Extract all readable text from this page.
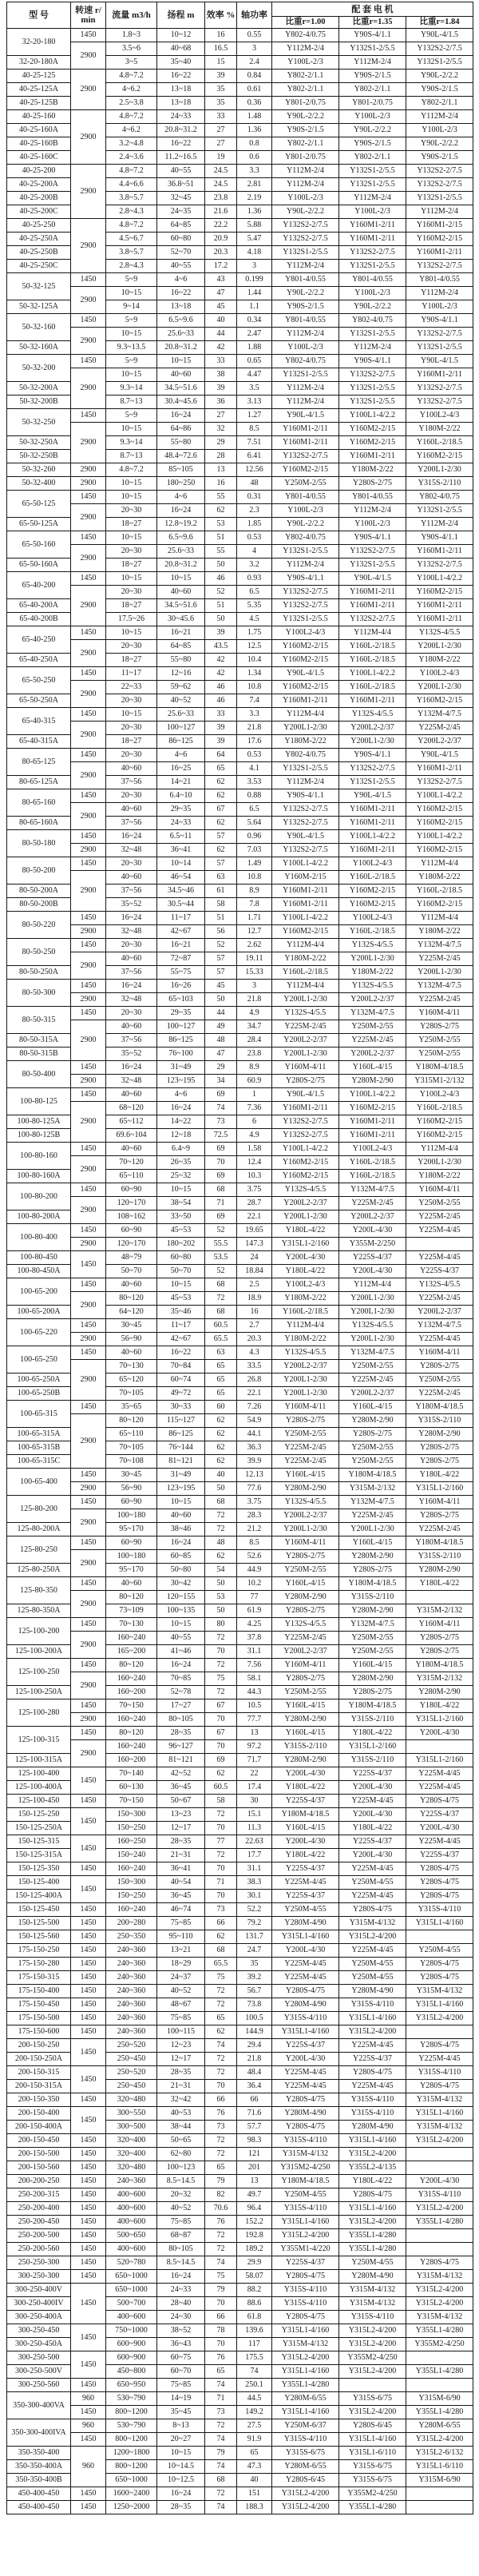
型 号	转速 r/min	流量 m3/h	扬程 m	效率 %	轴功率	配 套 电 机		
						比重r=1.00	比重r=1.35	比重r=1.84
32-20-180	1450	1.8~3	10~12	16	0.55	Y802-4/0.75	Y90S-4/1.1	Y90L-4/1.5
	2900	3.5~6	40~68	16.5	3	Y112M-2/4	Y132S1-2/5.5	Y132S2-2/7.5
32-20-180A		3~5	35~40	15	2.4	Y100L-2/3	Y112M-2/4	Y132S1-2/5.5
40-25-125	2900	4.8~7.2	16~22	39	0.84	Y802-2/1.1	Y90S-2/1.5	Y90L-2/2.2
40-25-125A		4~6.2	13~18	35	0.61	Y802-2/1.1	Y802-2/1.1	Y90S-2/1.5
40-25-125B		2.5~3.8	13~18	35	0.36	Y801-2/0.75	Y801-2/0.75	Y802-2/1.1
40-25-160	2900	4.8~7.2	24~33	33	1.48	Y90L-2/2.2	Y100L-2/3	Y112M-2/4
40-25-160A		4~6.2	20.8~31.2	27	1.36	Y90S-2/1.5	Y90L-2/2.2	Y100L-2/3
40-25-160B		3.2~4.8	16~22	27	0.8	Y802-2/1.1	Y90S-2/1.5	Y90L-2/2.2
40-25-160C		2.4~3.6	11.2~16.5	19	0.6	Y801-2/0.75	Y802-2/1.1	Y90S-2/1.5
40-25-200	2900	4.8~7.2	40~55	24.5	3.3	Y112M-2/4	Y132S1-2/5.5	Y132S2-2/7.5
40-25-200A		4.4~6.6	36.8~51	24.5	2.81	Y112M-2/4	Y132S1-2/5.5	Y132S2-2/7.5
40-25-200B		3.8~5.7	32~45	23.8	2.19	Y100L-2/3	Y112M-2/4	Y132S1-2/5.5
40-25-200C		2.8~4.3	24~35	21.6	1.36	Y90L-2/2.2	Y100L-2/3	Y112M-2/4
40-25-250	2900	4.8~7.2	64~85	22.2	5.88	Y132S2-2/7.5	Y160M1-2/11	Y160M1-2/15
40-25-250A		4.5~6.7	60~80	20.9	5.47	Y132S2-2/7.5	Y160M1-2/11	Y160M2-2/15
40-25-250B		3.8~5.7	52~70	20.3	4.18	Y132S1-2/5.5	Y132S2-2/7.5	Y160M1-2/11
40-25-250C		2.8~4.3	40~55	17.2	3	Y112M-2/4	Y132S1-2/5.5	Y132S2-2/7.5
50-32-125	1450	5~9	4~6	43	0.199	Y801-4/0.55	Y801-4/0.55	Y801-4/0.55
	2900	10~15	16~22	47	1.44	Y90L-2/2.2	Y100L-2/3	Y112M-2/4
50-32-125A		9~14	13~18	45	1.1	Y90S-2/1.5	Y90L-2/2.2	Y100L-2/3
50-32-160	1450	5~9	6.5~9.6	40	0.34	Y801-4/0.55	Y802-4/0.75	Y90S-4/1.1
	2900	10~15	25.6~33	44	2.47	Y112M-2/4	Y132S1-2/5.5	Y132S2-2/7.5
50-32-160A		9.3~13.5	20.8~31.2	42	1.88	Y100L-2/3	Y112M-2/4	Y132S1-2/5.5
50-32-200	1450	5~9	10~15	33	0.65	Y802-4/0.75	Y90S-4/1.1	Y90L-4/1.5
	2900	10~15	40~60	38	4.47	Y132S1-2/5.5	Y132S2-2/7.5	Y160M1-2/11
50-32-200A		9.3~14	34.5~51.6	39	3.5	Y112M-2/4	Y132S1-2/5.5	Y132S2-2/7.5
50-32-200B		8.7~13	30.4~45.6	36	3.13	Y112M-2/4	Y132S1-2/5.5	Y132S2-2/7.5
50-32-250	1450	5~9	16~24	27	1.27	Y90L-4/1.5	Y100L1-4/2.2	Y100L2-4/3
	2900	10~15	64~86	32	8.5	Y160M1-2/11	Y160M2-2/15	Y180M-2/22
50-32-250A		9.3~14	55~80	29	7.51	Y160M1-2/11	Y160M2-2/15	Y160L-2/18.5
50-32-250B		8.7~13	48.4~72.6	28	6.41	Y132S2-2/7.5	Y160M1-2/11	Y160M2-2/15
50-32-260	2900	4.8~7.2	85~105	13	12.56	Y160M2-2/15	Y180M-2/22	Y200L1-2/30
50-32-400	2900	10~15	180~250	16	48	Y250M-2/55	Y280S-2/75	Y315S-2/110
65-50-125	1450	10~15	4~6	55	0.31	Y801-4/0.55	Y801-4/0.55	Y802-4/0.75
	2900	20~30	16~24	62	2.3	Y100L-2/3	Y112M-2/4	Y132S1-2/5.5
65-50-125A		18~27	12.8~19.2	53	1.85	Y90L-2/2.2	Y100L-2/3	Y112M-2/4
65-50-160	1450	10~15	6.5~9.6	51	0.53	Y802-4/0.75	Y90S-4/1.1	Y90S-4/1.1
	2900	20~30	25.6~33	55	4	Y132S1-2/5.5	Y132S2-2/7.5	Y160M1-2/11
65-50-160A		18~27	20.8~31.2	50	3.2	Y112M-2/4	Y132S1-2/5.5	Y132S2-2/7.5
65-40-200	1450	10~15	10~15	46	0.93	Y90S-4/1.1	Y90L-4/1.5	Y100L1-4/2.2
	2900	20~30	40~60	52	6.5	Y132S2-2/7.5	Y160M1-2/11	Y160M2-2/15
65-40-200A		18~27	34.5~51.6	51	5.35	Y132S2-2/7.5	Y160M1-2/11	Y160M1-2/11
65-40-200B		17.5~26	30~45.6	50	4.5	Y132S1-2/5.5	Y132S2-2/7.5	Y160M1-2/11
65-40-250	1450	10~15	16~21	39	1.75	Y100L2-4/3	Y112M-4/4	Y132S-4/5.5
	2900	20~30	64~85	43.5	12.5	Y160M2-2/15	Y160L-2/18.5	Y200L1-2/30
65-40-250A		18~27	55~80	42	10.4	Y160M2-2/15	Y160L-2/18.5	Y180M-2/22
65-50-250	1450	11~17	12~16	42	1.34	Y90L-4/1.5	Y100L1-4/2.2	Y100L2-4/3
	2900	22~33	59~62	46	10.8	Y160M2-2/15	Y160L-2/18.5	Y200L1-2/30
65-50-250A		20~30	40~52	46	7.4	Y160M1-2/11	Y160M1-2/11	Y160M2-2/15
65-40-315	1450	10~15	25.6~33	33	3.3	Y112M-4/4	Y132S-4/5.5	Y132M-4/7.5
	2900	20~30	100~127	39	21.8	Y200L1-2/30	Y200L2-2/37	Y225M-2/45
65-40-315A		18~27	86~125	39	17.6	Y180M-2/22	Y200L1-2/30	Y200L2-2/37
80-65-125	1450	20~30	4~6	64	0.53	Y802-4/0.75	Y90S-4/1.1	Y90L-4/1.5
	2900	40~60	16~25	65	4.1	Y132S1-2/5.5	Y132S2-2/7.5	Y160M1-2/11
80-65-125A		37~56	14~21	62	3.53	Y112M-2/4	Y132S1-2/5.5	Y132S2-2/7.5
80-65-160	1450	20~30	6.4~10	62	0.88	Y90S-4/1.1	Y90L-4/1.5	Y100L1-4/2.2
	2900	40~60	29~35	67	6.5	Y132S2-2/7.5	Y160M1-2/11	Y160M2-2/15
80-65-160A		37~56	24~33	62	5.64	Y132S2-2/7.5	Y160M1-2/11	Y160M2-2/15
80-50-180	1450	16~24	6.5~11	57	0.96	Y90L-4/1.5	Y100L1-4/2.2	Y100L1-4/2.2
	2900	32~48	36~41	62	7.03	Y132S2-2/7.5	Y160M1-2/11	Y160M2-2/15
80-50-200	1450	20~30	10~14	57	1.49	Y100L1-4/2.2	Y100L2-4/3	Y112M-4/4
	2900	40~60	46~54	63	10.8	Y160M-2/15	Y160L-2/18.5	Y180M-2/22
80-50-200A		37~56	34.5~46	61	8.9	Y160M1-2/11	Y160M2-2/15	Y160L-2/18.5
80-50-200B		35~52	30.5~44	58	7.8	Y160M1-2/11	Y160M2-2/15	Y160M2-2/15
80-50-220	1450	16~24	11~17	51	1.71	Y100L1-4/2.2	Y100L2-4/3	Y112M-4/4
	2900	32~48	42~67	56	12.7	Y160M2-2/15	Y160L-2/18.5	Y180M-2/22
80-50-250	1450	20~30	16~21	52	2.62	Y112M-4/4	Y132S-4/5.5	Y132M-4/7.5
	2900	40~60	72~87	57	19.11	Y180M-2/22	Y200L1-2/30	Y225M-2/45
80-50-250A		37~56	55~75	57	15.33	Y160L-2/18.5	Y180M-2/22	Y200L1-2/30
80-50-300	1450	16~24	16~26	45	3	Y112M-4/4	Y132S-4/5.5	Y132M-4/7.5
	2900	32~48	65~103	50	21.8	Y200L1-2/30	Y200L2-2/37	Y225M-2/45
80-50-315	1450	20~30	29~35	44	4.9	Y132S-4/5.5	Y132M-4/7.5	Y160M-4/11
	2900	40~60	100~127	49	34.7	Y225M-2/45	Y250M-2/55	Y280S-2/75
80-50-315A		37~56	86~125	48	28.4	Y200L2-2/37	Y225M-2/45	Y250M-2/55
80-50-315B		35~52	76~100	47	23.8	Y200L1-2/30	Y200L2-2/37	Y250M-2/55
80-50-400	1450	16~24	31~49	29	8.9	Y160M-4/11	Y160L-4/15	Y180M-4/18.5
	2900	32~48	123~195	34	60.9	Y280S-2/75	Y280M-2/90	Y315M1-2/132
100-80-125	1450	40~60	4~6	69	1	Y90L-4/1.5	Y100L1-4/2.2	Y100L2-4/3
	2900	68~120	16~24	74	7.36	Y160M1-2/11	Y160M2-2/15	Y160L-2/18.5
100-80-125A		65~112	14~22	73	6	Y132S2-2/7.5	Y160M1-2/11	Y160M2-2/15
100-80-125B		69.6~104	12~18	72.5	4.9	Y132S2-2/7.5	Y160M1-2/11	Y160M2-2/15
100-80-160	1450	40~60	6.4~9	69	1.58	Y100L1-4/2.2	Y100L2-4/3	Y112M-4/4
	2900	70~120	26~35	70	12.4	Y160M2-2/15	Y160L-2/18.5	Y200L1-2/30
100-80-160A		65~110	25~32	69	10.3	Y160M2-2/15	Y160L-2/18.5	Y180M-2/22
100-80-200	1450	60~90	10~15	68	3.75	Y132S-4/5.5	Y132M-4/7.5	Y160M-4/11
	2900	120~170	38~54	71	28.7	Y200L2-2/37	Y225M-2/45	Y250M-2/55
100-80-200A		108~162	33~50	69	22.1	Y200L1-2/30	Y200L2-2/37	Y225M-2/45
100-80-400	1450	60~90	45~53	52	19.65	Y180L-4/22	Y200L-4/30	Y225M-4/45
	2900	120~170	180~202	55.5	147.3	Y315L1-2/160	Y355M-2/250	
100-80-450	1450	48~79	60~80	53.5	24	Y200L-4/30	Y225S-4/37	Y225M-4/45
100-80-450A		50~70	50~70	52	18.84	Y180L-4/22	Y200L-4/30	Y225S-4/37
100-65-200	1450	40~60	10~15	68	2.5	Y100L2-4/3	Y112M-4/4	Y132S-4/5.5
	2900	80~120	45~53	72	18.9	Y180M-2/22	Y200L1-2/30	Y225M-2/45
100-65-200A		64~120	35~46	68	16	Y160L-2/18.5	Y200L1-2/30	Y200L2-2/37
100-65-220	1450	30~45	11~17	60.5	2.7	Y112M-4/4	Y132S-4/5.5	Y132M-4/7.5
	2900	56~90	42~67	65.5	20.3	Y180M-2/22	Y200L1-2/30	Y225M-4/45
100-65-250	1450	40~60	16~22	63	4.3	Y132S-4/5.5	Y132M-4/7.5	Y160M-4/11
	2900	70~130	70~84	65	33.5	Y200L2-2/37	Y250M-2/55	Y280S-2/75
100-65-250A		65~120	60~74	65	26.8	Y200L1-2/30	Y225M-2/45	Y250M-2/55
100-65-250B		70~105	49~72	65	22.1	Y200L1-2/30	Y200L2-2/37	Y225M-2/45
100-65-315	1450	35~65	30~33	60	7.26	Y160M-4/11	Y160L-4/15	Y180M-4/18.5
	2900	80~120	115~127	62	54.9	Y280S-2/75	Y280M-2/90	Y315S-2/110
100-65-315A		65~110	86~125	62	44.1	Y250M-2/55	Y280S-2/75	Y280M-2/90
100-65-315B		70~105	76~144	62	36.3	Y225M-2/45	Y250M-2/55	Y280S-2/75
100-65-315C		70~108	81~121	62	39.9	Y225M-2/45	Y250M-2/55	Y280S-2/75
100-65-400	1450	30~45	31~49	40	12.13	Y160L-4/15	Y180M-4/18.5	Y180L-4/22
	2900	56~90	123~195	50	77.6	Y280M-2/90	Y315M-2/132	Y315L1-2/160
125-80-200	1450	60~90	10~15	68	3.75	Y132S-4/5.5	Y132M-4/7.5	Y160M-4/11
	2900	100~180	40~60	72	28.3	Y200L2-2/37	Y225M-2/45	Y280S-2/75
125-80-200A		95~170	38~46	72	21.2	Y200L1-2/30	Y200L1-2/30	Y225M-2/45
125-80-250	1450	60~90	16~24	48	8.5	Y160M-4/11	Y160L-4/15	Y180M-4/18.5
	2900	100~180	60~85	62	52.6	Y280S-2/75	Y280M-2/90	Y315S-2/110
125-80-250A		95~170	50~80	54	44.9	Y250M-2/55	Y280S-2/75	Y280M-2/90
125-80-350	1450	40~60	30~42	50	10.2	Y160L-4/15	Y180M-4/18.5	Y180L-4/22
	2900	80~120	120~155	53	77	Y280M-2/90	Y315S-2/110	
125-80-350A		73~109	100~135	50	61.9	Y280S-2/75	Y280M-2/90	Y315M-2/132
125-100-200	1450	70~130	10~15	80	4.25	Y132S-4/5.5	Y132M-4/7.5	Y160M-4/11
	2900	160~240	40~55	72	37.8	Y225M-2/45	Y250M-2/55	Y280S-2/75
125-100-200A		165~200	41~46	70	31.1	Y200L2-2/37	Y250M-2/55	Y280S-2/75
125-100-250	1450	80~120	16~24	72	7.56	Y160M-4/11	Y160L-4/15	Y180M-4/18.5
	2900	160~240	70~85	75	58.1	Y280S-2/75	Y280M-2/90	Y315M-2/132
125-100-250A		160~200	52~78	72	44.3	Y250M-2/55	Y280S-2/75	Y280M-2/90
125-100-280	1450	70~150	17~27	67	10.5	Y160L-4/15	Y180M-4/18.5	Y180L-4/22
	2900	160~240	80~105	70	77.7	Y280M-2/90	Y315S-2/110	Y315L1-2/160
125-100-315	1450	80~120	28~35	67	13	Y160L-4/15	Y180L-4/22	Y200L-4/30
	2900	160~240	96~127	70	97.2	Y315S-2/110	Y315L1-2/160	
125-100-315A		160~200	81~121	69	71.7	Y280M-2/90	Y315S-2/110	Y315L1-2/160
125-100-400	1450	70~140	42~52	62	22	Y200L-4/30	Y225S-4/37	Y225M-4/45
125-100-400A		60~130	36~45	60.5	17.4	Y180L-4/22	Y200L-4/30	Y225M-4/45
125-100-450	1450	70~150	50~67	58	30	Y225S-4/37	Y225M-4/45	Y280S-4/75
150-125-250	1450	150~300	13~23	72	15.1	Y180M-4/18.5	Y200L-4/30	Y225S-4/37
150-125-250A		150~250	12~17	70	11.3	Y160L-4/15	Y180L-4/22	Y200L-4/30
150-125-315	1450	160~250	28~35	77	22.63	Y200L-4/30	Y225S-4/37	Y225M-4/45
150-125-315A		150~240	21~31	72	17.7	Y180L-4/22	Y200L-4/30	Y225S-4/37
150-125-350	1450	160~240	36~41	70	31.1	Y225S-4/37	Y225M-4/45	Y280S-4/75
150-125-400	1450	150~300	40~54	71	38.3	Y225M-4/45	Y250M-4/55	Y280S-4/75
150-125-400A		150~250	36~45	70	30.1	Y225S-4/37	Y225M-4/45	Y280S-4/75
150-125-450	1450	160~240	46~74	73	52.2	Y250M-4/55	Y280S-4/75	Y315S-4/110
150-125-500	1450	200~280	75~85	66	79.2	Y280M-4/90	Y315M-4/132	Y315L1-4/160
150-125-560	1450	250~350	95~110	62	131.7	Y315L1-4/160	Y315L2-4/200	
175-150-250	1450	240~360	13~21	68	24.7	Y200L-4/30	Y225M-4/45	Y250M-4/55
175-150-280	1450	240~360	18~29	65.5	35	Y225M-4/45	Y250M-4/55	Y280S-4/75
175-150-315	1450	240~360	24~37	75	39.2	Y225M-4/45	Y250M-4/55	Y280S-4/75
175-150-400	1450	240~360	40~52	72	56.7	Y280S-4/75	Y280M-4/90	Y315M-4/132
175-150-450	1450	240~360	48~67	72	73.8	Y280M-4/90	Y315S-4/110	Y315L1-4/160
175-150-500	1450	240~360	75~85	65	100.5	Y315S-4/110	Y315L1-4/160	Y315L2-4/200
175-150-600	1450	240~360	100~115	62	144.9	Y315L1-4/160	Y315L2-4/200	
200-150-250	1450	250~520	12~23	74	29.4	Y225S-4/37	Y225M-4/45	Y280S-4/75
200-150-250A		250~450	12~17	72	21.8	Y200L-4/30	Y225S-4/37	Y225M-4/45
200-150-315	1450	250~520	28~35	72	48.4	Y225M-4/45	Y280S-4/75	Y315S-4/110
200-150-315A		250~450	21~31	70	36.4	Y225M-4/45	Y225M-4/45	Y280S-4/75
200-150-350	1450	320~480	32~42	66	66	Y280S-4/75	Y315S-4/110	Y315M-4/132
200-150-400	1450	300~550	40~53	76	71.6	Y280M-4/90	Y315S-4/110	Y315L1-4/160
200-150-400A		300~500	38~44	73	57.7	Y280S-4/75	Y280M-4/90	Y315M-4/132
200-150-450	1450	320~400	50~65	72	98.3	Y315S-4/110	Y315L1-4/160	Y315L2-4/200
200-150-500	1450	320~400	62~80	72	121	Y315M-4/132	Y315L2-4/200	
200-150-560	1450	320~480	100~123	65	201	Y315M2-4/250	Y355L2-4/135	
200-200-250	1450	240~360	8.5~14.5	79	13	Y180M-4/18.5	Y180L-4/22	Y200L-4/30
250-200-315	1450	400~600	20~32	82	49.7	Y250M-4/55	Y280S-4/75	Y315S-4/110
250-200-400	1450	400~600	40~52	70.6	96.4	Y315S-4/110	Y315L1-4/160	Y315L2-4/200
250-200-450	1450	400~600	75~85	76	152.2	Y315L1-4/160	Y315L2-4/200	Y355L1-4/280
250-200-500	1450	500~650	68~87	72	192.8	Y315L2-4/200	Y355L1-4/280	
250-200-560	1450	400~600	80~105	72	189.2	Y355M1-4/220	Y355L1-4/280	
250-250-300	1450	520~780	8.5~14.5	74	29.9	Y225S-4/37	Y250M-4/55	Y280S-4/75
300-250-300	1450	650~1000	16~24	75	58.07	Y280S-4/75	Y280M-4/90	Y315M-4/132
300-250-400V	1450	650~1000	24~33	79	88.2	Y315S-4/110	Y315M-4/132	Y315L2-4/200
300-250-400IV		500~700	28~40	70	88.6	Y315S-4/110	Y315M-4/132	Y315L2-4/200
300-250-400A		400~600	24~30	66	61.8	Y280S-4/75	Y315S-4/110	Y315M-4/132
300-250-450	1450	750~1000	38~52	78	139.6	Y315L1-4/160	Y315L2-4/200	Y355L1-4/280
300-250-450A		600~900	36~43	70	117	Y315M-4/132	Y315L2-4/200	Y355M2-4/250
300-250-500	1450	600~900	60~75	76	175.5	Y315L2-4/200	Y355M2-4/250	
300-250-500V		450~800	60~70	65	74	Y315L1-4/160	Y315L2-4/200	Y355L1-4/280
300-250-560	1450	650~950	75~85	74	250.1	Y355L1-4/280		
350-300-400VA	960	530~790	14~19	71	44.5	Y280M-6/55	Y315S-6/75	Y315M-6/90
	1450	800~1200	35~45	73	149.2	Y315L1-4/160	Y315L2-4/200	Y355L1-4/280
350-300-400IVA	960	530~790	8~13	72	27.5	Y250M-6/37	Y280S-6/45	Y280M-6/55
	1450	800~1200	20~27	74	91.9	Y315S-4/110	Y315L1-4/160	Y315L2-4/200
350-350-400	960	1200~1800	10~15	79	65	Y315S-6/75	Y315L1-6/110	Y315L2-6/132
350-350-400A		800~1200	10~14.5	74	47.3	Y280M-6/55	Y315S-6/75	Y315L1-6/110
350-350-400B		650~1000	10~12.5	68	40	Y280S-6/45	Y315S-6/75	Y315M-6/90
450-400-450	1450	1600~2400	16~24	72	151	Y315L2-4/200	Y355M2-4/250	
450-400-450	1450	1250~2000	28~35	74	188.3	Y315L2-4/200	Y355L1-4/280	
